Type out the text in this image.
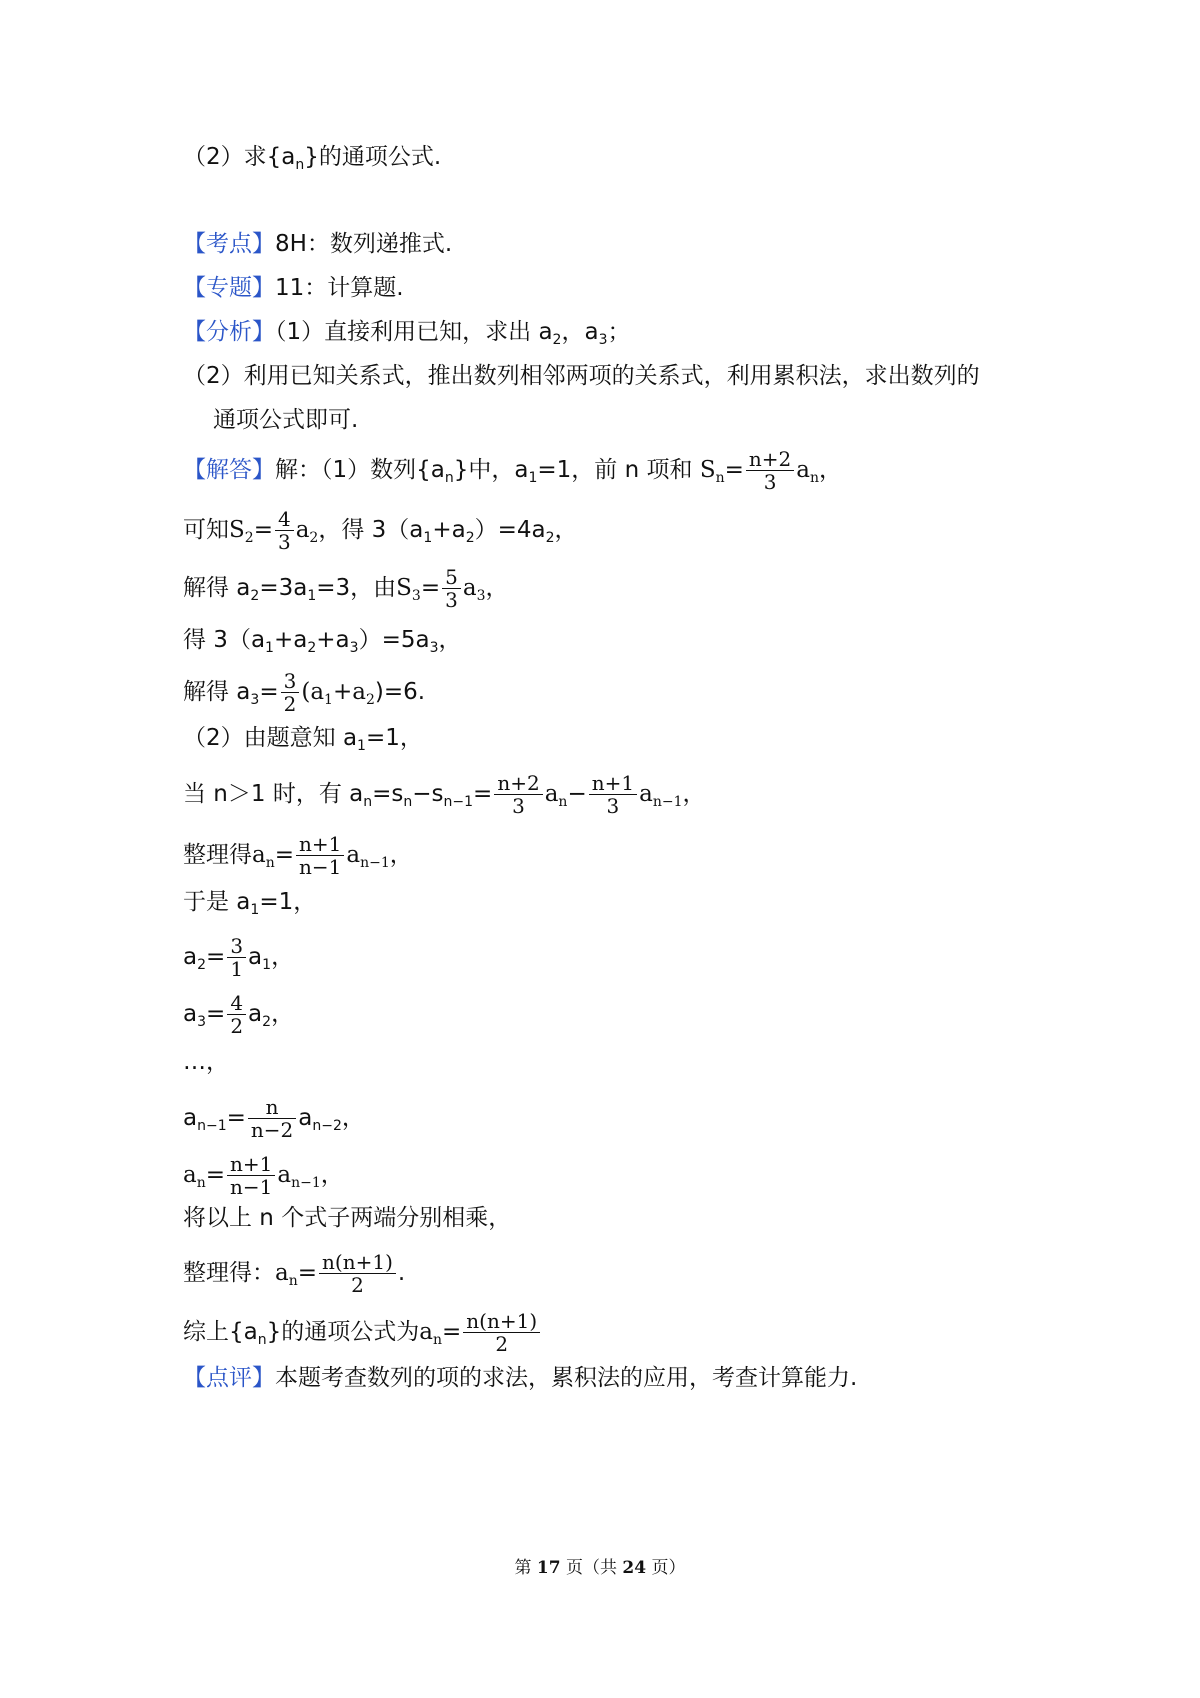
（2）求$\{a_n\}$的通项公式.
【考点】8H：数列递推式.
【专题】11：计算题.
【分析】（1）直接利用已知，求出 $a_2$，$a_3$；
（2）利用已知关系式，推出数列相邻两项的关系式，利用累积法，求出数列的
通项公式即可.
【解答】解：（1）数列$\{a_n\}$中，$a_1=1$，前 n 项和 $S_n= \frac{n+2}{3} a_n$，
可知$S_2= \frac{4}{3} a_2$，得 $3(a_1+a_2)=4a_2$，
解得 $a_2=3a_1=3$，由$S_3= \frac{5}{3} a_3$，
得 $3(a_1+a_2+a_3)=5a_3$，
解得 $a_3= \frac{3}{2} (a_1+a_2)=6$.
（2）由题意知 $a_1=1$，
当 n＞1 时，有 $a_n=s_n-s_{n-1}= \frac{n+2}{3} a_n- \frac{n+1}{3} a_{n-1}$，
整理得$a_n= \frac{n+1}{n-1} a_{n-1}$，
于是 $a_1=1$，
$a_2= \frac{3}{1} a_1$，
$a_3= \frac{4}{2} a_2$，
…，
$a_{n-1}= \frac{n}{n-2} a_{n-2}$，
$a_n= \frac{n+1}{n-1} a_{n-1}$，
将以上 n 个式子两端分别相乘，
整理得：$a_n= \frac{n(n+1)}{2}$ .
综上$\{a_n\}$的通项公式为$a_n= \frac{n(n+1)}{2}$
【点评】本题考查数列的项的求法，累积法的应用，考查计算能力.
第 17 页（共 24 页）
